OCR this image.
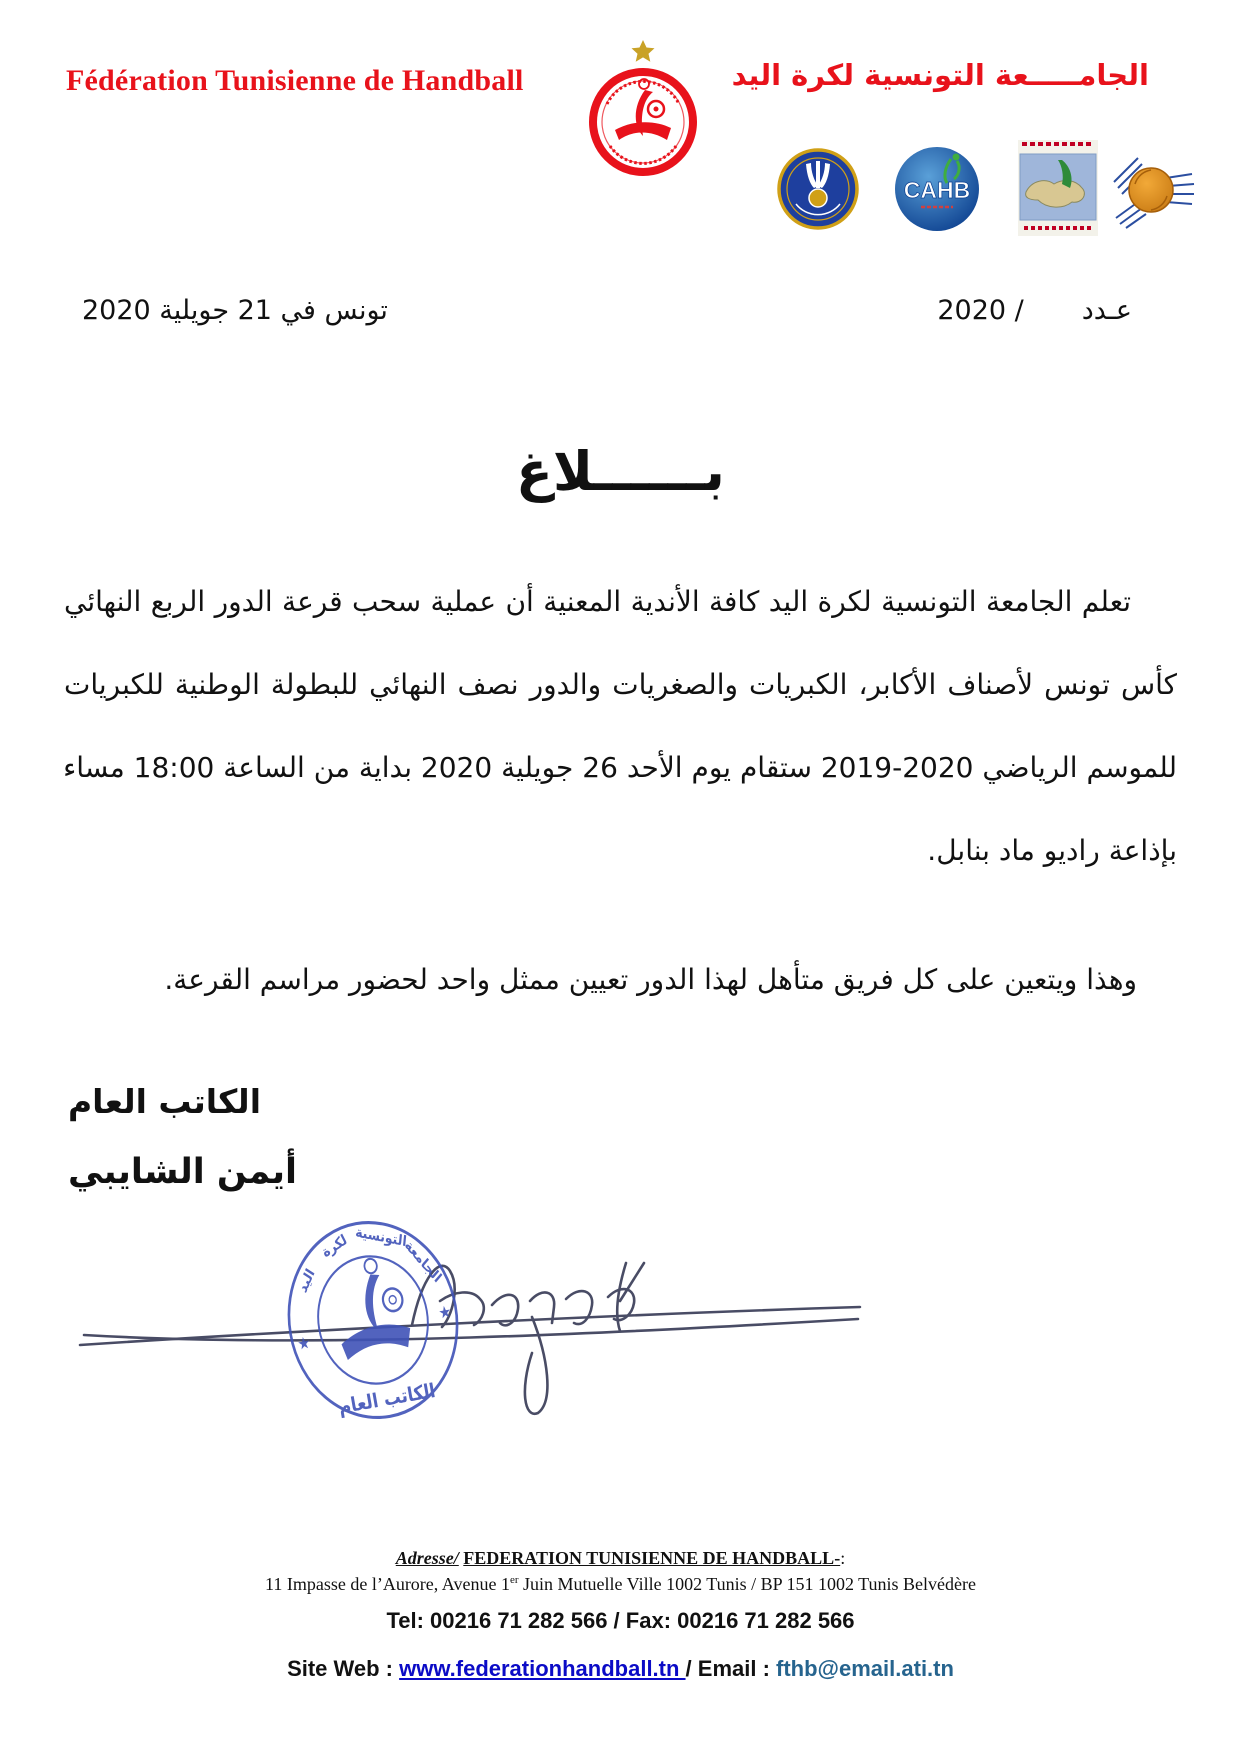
Fédération Tunisienne de Handball	الجامـــــعة التونسية لكرة اليد
CAHB
عـدد
/ 2020
تونس في 21 جويلية 2020
بــــــلاغ
تعلم الجامعة التونسية لكرة اليد كافة الأندية المعنية أن عملية سحب قرعة الدور الربع النهائي
كأس تونس لأصناف الأكابر، الكبريات والصغريات والدور نصف النهائي للبطولة الوطنية للكبريات
للموسم الرياضي 2020-2019 ستقام يوم الأحد 26 جويلية 2020 بداية من الساعة 18:00 مساء
بإذاعة راديو ماد بنابل.
وهذا ويتعين على كل فريق متأهل لهذا الدور تعيين ممثل واحد لحضور مراسم القرعة.
الكاتب العام
أيمن الشايبي
الجامعة
التونسية
لكرة
اليد
★
★
الكاتب العام
Adresse/ FEDERATION TUNISIENNE DE HANDBALL-:
11 Impasse de l’Aurore, Avenue 1er Juin Mutuelle Ville 1002 Tunis / BP 151 1002 Tunis Belvédère
Tel: 00216 71 282 566 / Fax: 00216 71 282 566
Site Web : www.federationhandball.tn / Email : fthb@email.ati.tn
